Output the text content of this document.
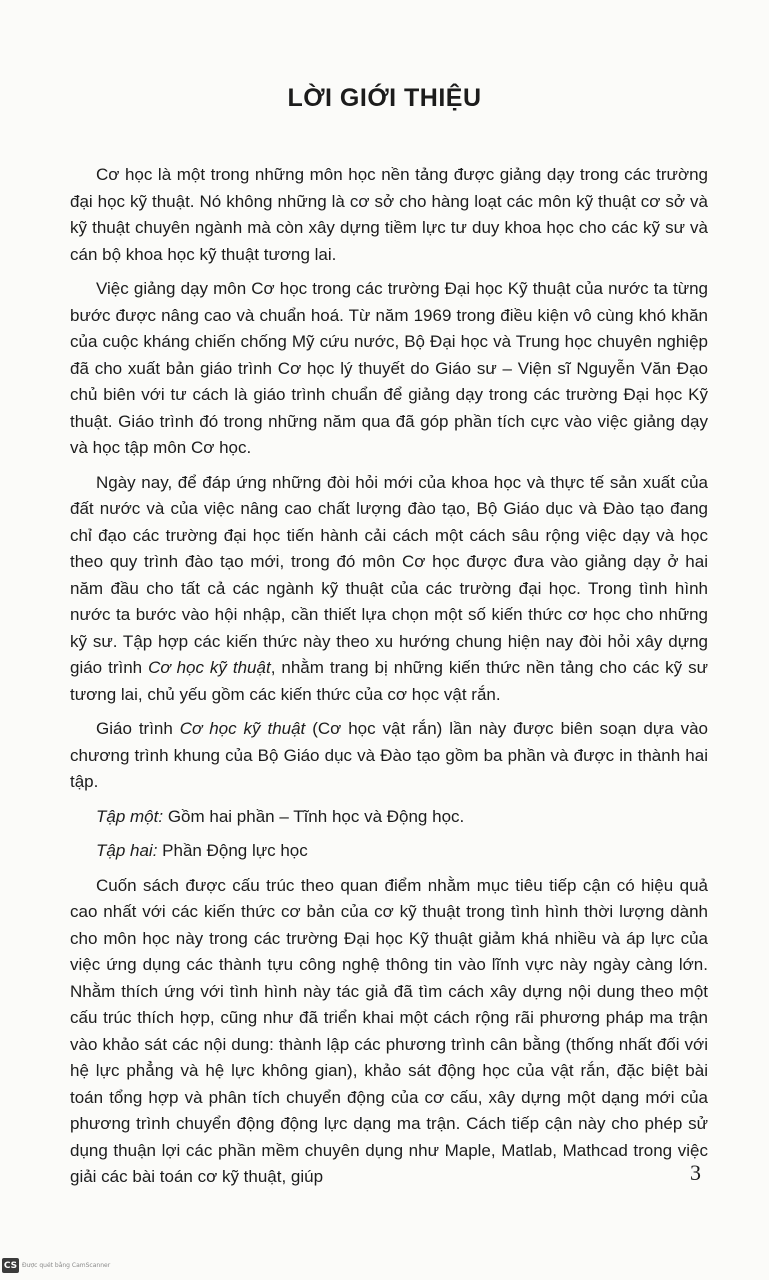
LỜI GIỚI THIỆU

Cơ học là một trong những môn học nền tảng được giảng dạy trong các trường đại học kỹ thuật. Nó không những là cơ sở cho hàng loạt các môn kỹ thuật cơ sở và kỹ thuật chuyên ngành mà còn xây dựng tiềm lực tư duy khoa học cho các kỹ sư và cán bộ khoa học kỹ thuật tương lai.

Việc giảng dạy môn Cơ học trong các trường Đại học Kỹ thuật của nước ta từng bước được nâng cao và chuẩn hoá. Từ năm 1969 trong điều kiện vô cùng khó khăn của cuộc kháng chiến chống Mỹ cứu nước, Bộ Đại học và Trung học chuyên nghiệp đã cho xuất bản giáo trình Cơ học lý thuyết do Giáo sư – Viện sĩ Nguyễn Văn Đạo chủ biên với tư cách là giáo trình chuẩn để giảng dạy trong các trường Đại học Kỹ thuật. Giáo trình đó trong những năm qua đã góp phần tích cực vào việc giảng dạy và học tập môn Cơ học.

Ngày nay, để đáp ứng những đòi hỏi mới của khoa học và thực tế sản xuất của đất nước và của việc nâng cao chất lượng đào tạo, Bộ Giáo dục và Đào tạo đang chỉ đạo các trường đại học tiến hành cải cách một cách sâu rộng việc dạy và học theo quy trình đào tạo mới, trong đó môn Cơ học được đưa vào giảng dạy ở hai năm đầu cho tất cả các ngành kỹ thuật của các trường đại học. Trong tình hình nước ta bước vào hội nhập, cần thiết lựa chọn một số kiến thức cơ học cho những kỹ sư. Tập hợp các kiến thức này theo xu hướng chung hiện nay đòi hỏi xây dựng giáo trình Cơ học kỹ thuật, nhằm trang bị những kiến thức nền tảng cho các kỹ sư tương lai, chủ yếu gồm các kiến thức của cơ học vật rắn.

Giáo trình Cơ học kỹ thuật (Cơ học vật rắn) lần này được biên soạn dựa vào chương trình khung của Bộ Giáo dục và Đào tạo gồm ba phần và được in thành hai tập.

Tập một: Gồm hai phần – Tĩnh học và Động học.

Tập hai: Phần Động lực học

Cuốn sách được cấu trúc theo quan điểm nhằm mục tiêu tiếp cận có hiệu quả cao nhất với các kiến thức cơ bản của cơ kỹ thuật trong tình hình thời lượng dành cho môn học này trong các trường Đại học Kỹ thuật giảm khá nhiều và áp lực của việc ứng dụng các thành tựu công nghệ thông tin vào lĩnh vực này ngày càng lớn. Nhằm thích ứng với tình hình này tác giả đã tìm cách xây dựng nội dung theo một cấu trúc thích hợp, cũng như đã triển khai một cách rộng rãi phương pháp ma trận vào khảo sát các nội dung: thành lập các phương trình cân bằng (thống nhất đối với hệ lực phẳng và hệ lực không gian), khảo sát động học của vật rắn, đặc biệt bài toán tổng hợp và phân tích chuyển động của cơ cấu, xây dựng một dạng mới của phương trình chuyển động động lực dạng ma trận. Cách tiếp cận này cho phép sử dụng thuận lợi các phần mềm chuyên dụng như Maple, Matlab, Mathcad trong việc giải các bài toán cơ kỹ thuật, giúp	3
CS Được quét bằng CamScanner
